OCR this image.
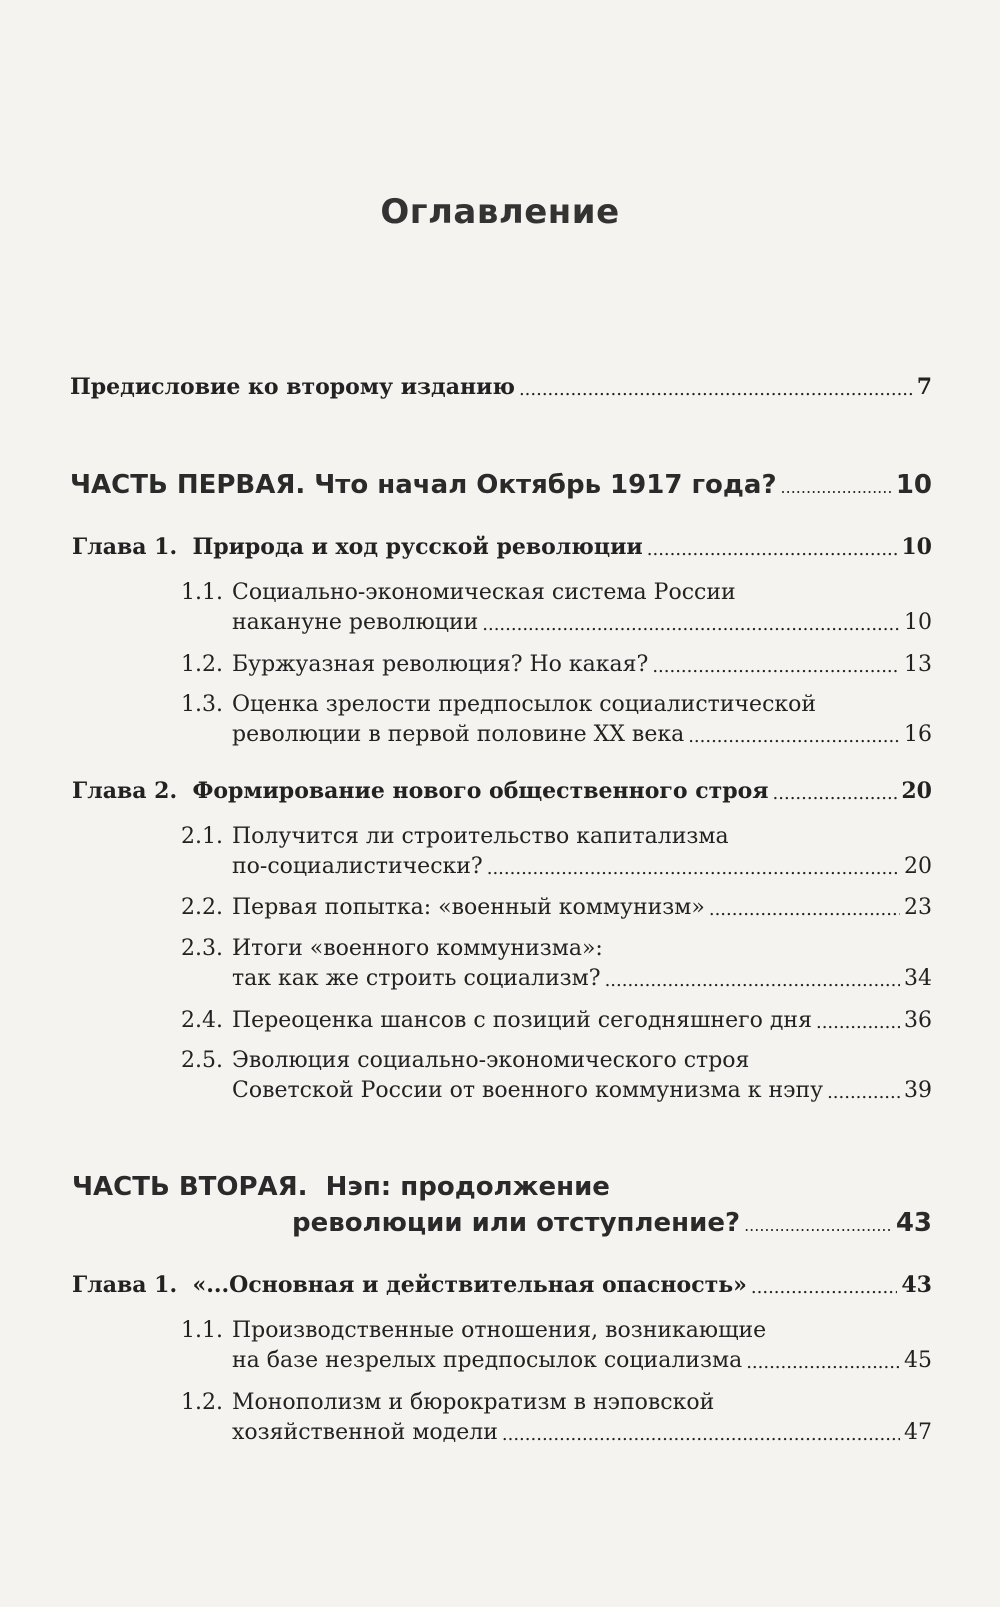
Оглавление
Предисловие ко второму изданию .....	7
ЧАСТЬ ПЕРВАЯ. Что начал Октябрь 1917 года? .....	10
Глава 1. Природа и ход русской революции .....	10
1.1. Социально-экономическая система России
накануне революции .....	10
1.2. Буржуазная революция? Но какая? .....	13
1.3. Оценка зрелости предпосылок социалистической
революции в первой половине XX века .....	16
Глава 2. Формирование нового общественного строя .....	20
2.1. Получится ли строительство капитализма
по-социалистически? .....	20
2.2. Первая попытка: «военный коммунизм» .....	23
2.3. Итоги «военного коммунизма»:
так как же строить социализм? .....	34
2.4. Переоценка шансов с позиций сегодняшнего дня .....	36
2.5. Эволюция социально-экономического строя
Советской России от военного коммунизма к нэпу .....	39
ЧАСТЬ ВТОРАЯ. Нэп: продолжение
революции или отступление? .....	43
Глава 1. «...Основная и действительная опасность» .....	43
1.1. Производственные отношения, возникающие
на базе незрелых предпосылок социализма .....	45
1.2. Монополизм и бюрократизм в нэповской
хозяйственной модели .....	47
